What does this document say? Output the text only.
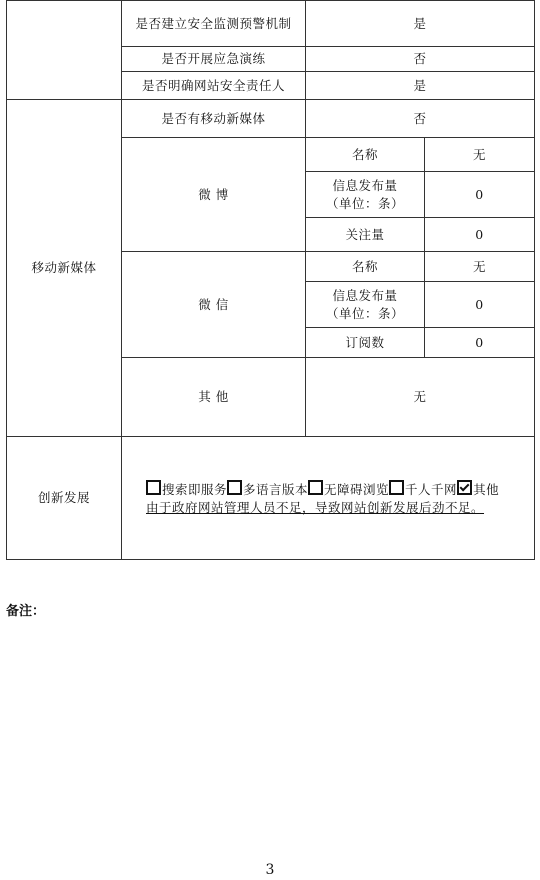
	是否建立安全监测预警机制	是	
	是否开展应急演练	否	
	是否明确网站安全责任人	是	
移动新媒体	是否有移动新媒体	否	
	微 博	名称	无

		信息发布量
（单位：条）	0
		关注量	0
	微 信	名称	无

		信息发布量
（单位：条）	0
		订阅数	0
	其 他	无	
创新发展	搜索即服务 多语言版本 无障碍浏览 千人千网 其他
由于政府网站管理人员不足，导致网站创新发展后劲不足。		
备注：
3
